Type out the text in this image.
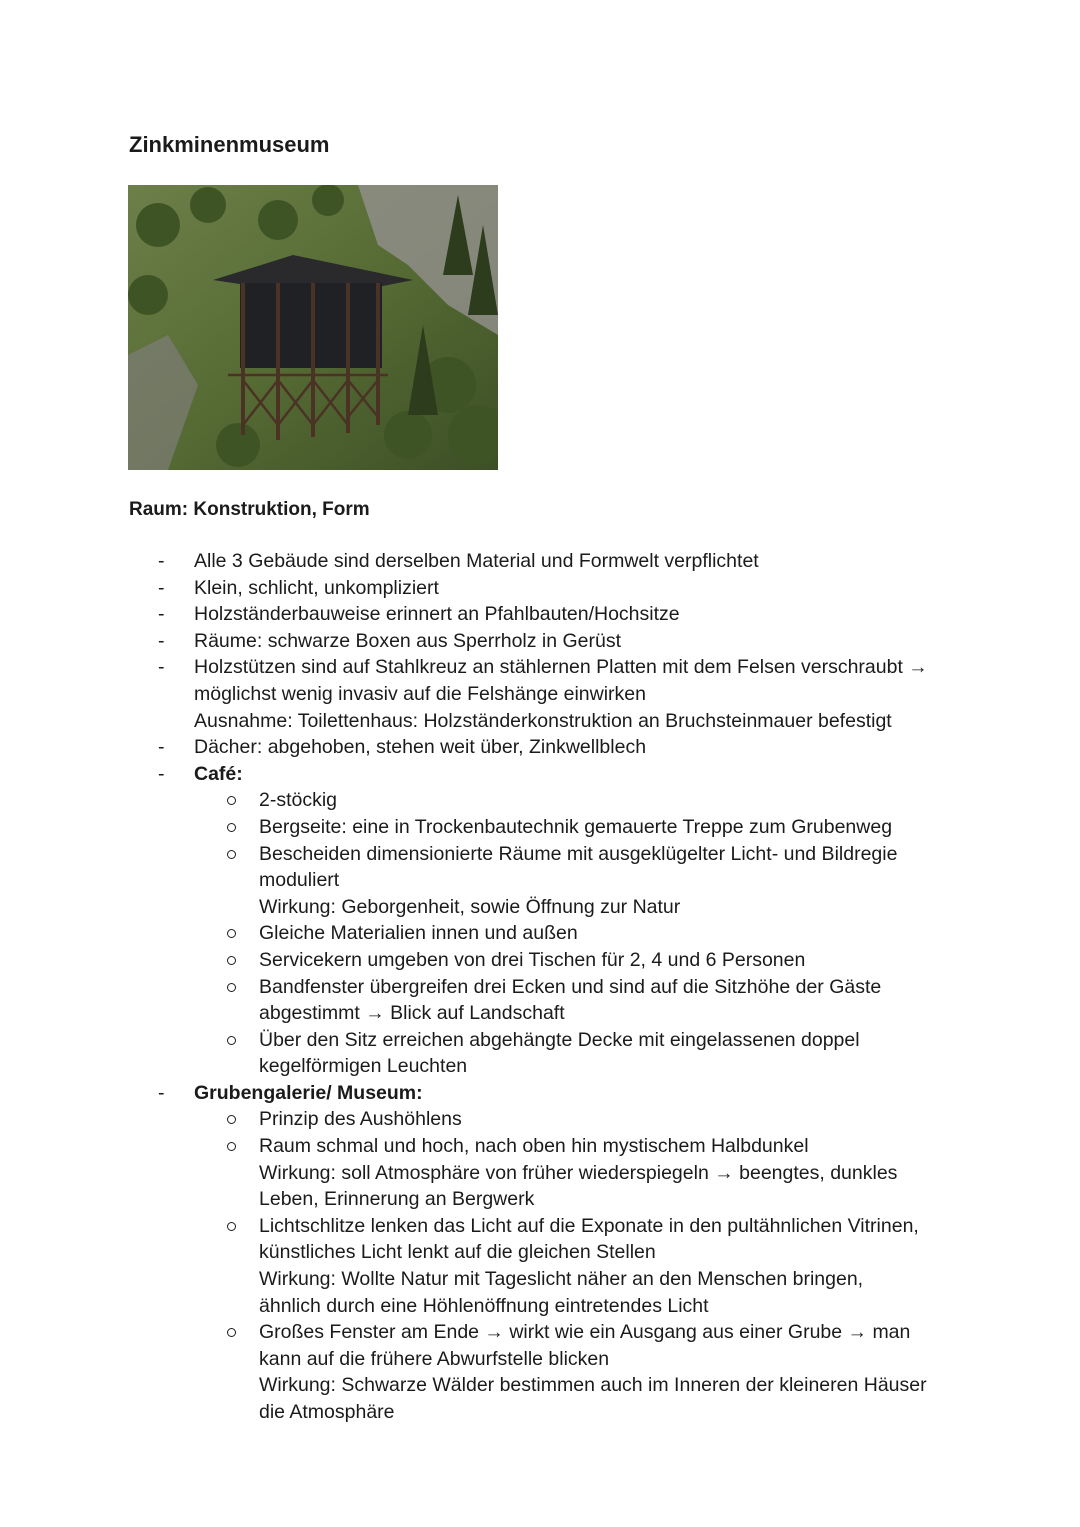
Zinkminenmuseum
Raum: Konstruktion, Form
- Alle 3 Gebäude sind derselben Material und Formwelt verpflichtet
- Klein, schlicht, unkompliziert
- Holzständerbauweise erinnert an Pfahlbauten/Hochsitze
- Räume: schwarze Boxen aus Sperrholz in Gerüst
- Holzstützen sind auf Stahlkreuz an stählernen Platten mit dem Felsen verschraubt →
möglichst wenig invasiv auf die Felshänge einwirken
Ausnahme: Toilettenhaus: Holzständerkonstruktion an Bruchsteinmauer befestigt
- Dächer: abgehoben, stehen weit über, Zinkwellblech
- Café:
2-stöckig
Bergseite: eine in Trockenbautechnik gemauerte Treppe zum Grubenweg
Bescheiden dimensionierte Räume mit ausgeklügelter Licht- und Bildregie
moduliert
Wirkung: Geborgenheit, sowie Öffnung zur Natur
Gleiche Materialien innen und außen
Servicekern umgeben von drei Tischen für 2, 4 und 6 Personen
Bandfenster übergreifen drei Ecken und sind auf die Sitzhöhe der Gäste
abgestimmt → Blick auf Landschaft
Über den Sitz erreichen abgehängte Decke mit eingelassenen doppel
kegelförmigen Leuchten
- Grubengalerie/ Museum:
Prinzip des Aushöhlens
Raum schmal und hoch, nach oben hin mystischem Halbdunkel
Wirkung: soll Atmosphäre von früher wiederspiegeln → beengtes, dunkles
Leben, Erinnerung an Bergwerk
Lichtschlitze lenken das Licht auf die Exponate in den pultähnlichen Vitrinen,
künstliches Licht lenkt auf die gleichen Stellen
Wirkung: Wollte Natur mit Tageslicht näher an den Menschen bringen,
ähnlich durch eine Höhlenöffnung eintretendes Licht
Großes Fenster am Ende → wirkt wie ein Ausgang aus einer Grube → man
kann auf die frühere Abwurfstelle blicken
Wirkung: Schwarze Wälder bestimmen auch im Inneren der kleineren Häuser
die Atmosphäre
